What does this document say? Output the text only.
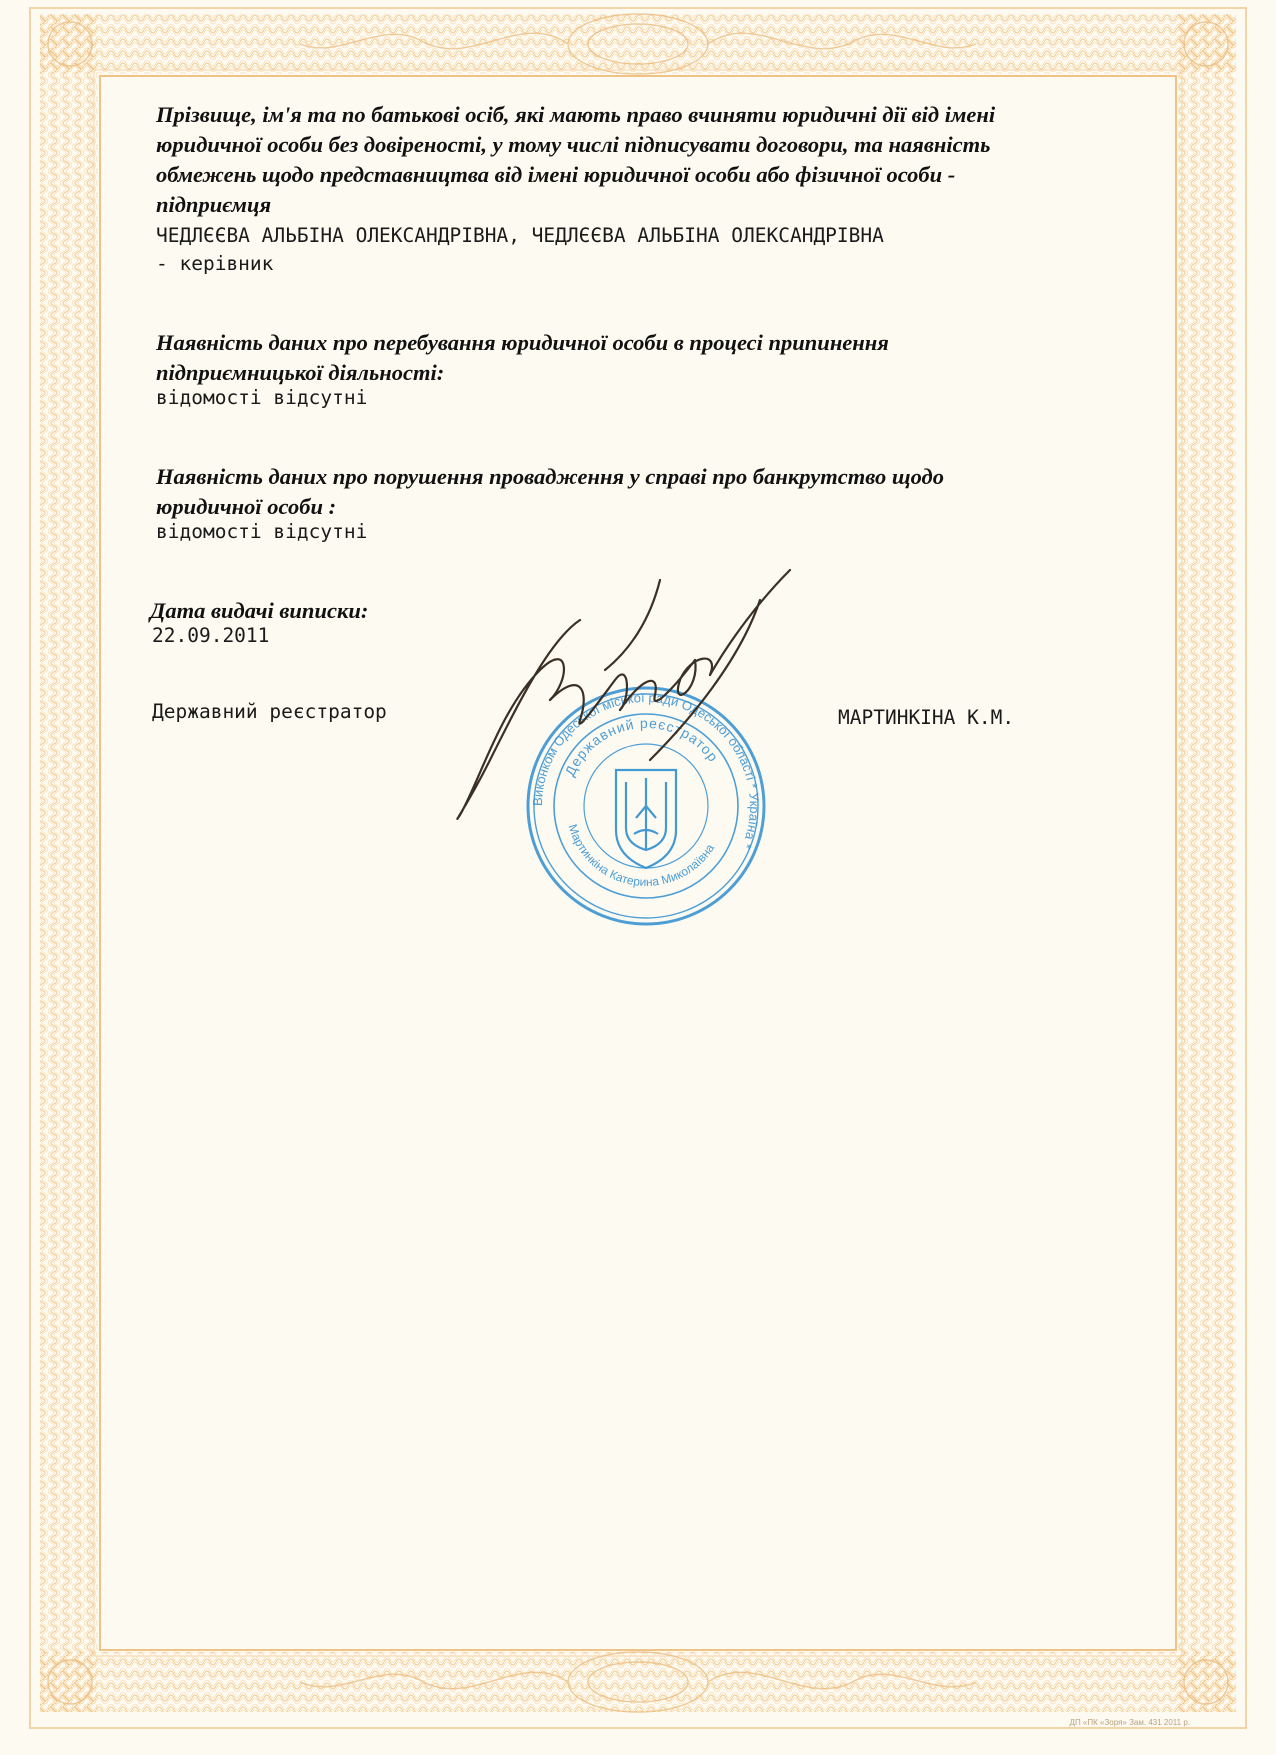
Прізвище, ім'я та по батькові осіб, які мають право вчиняти юридичні дії від імені
юридичної особи без довіреності, у тому числі підписувати договори, та наявність
обмежень щодо представництва від імені юридичної особи або фізичної особи -
підприємця
ЧЕДЛЄЄВА АЛЬБІНА ОЛЕКСАНДРІВНА, ЧЕДЛЄЄВА АЛЬБІНА ОЛЕКСАНДРІВНА
- керівник
Наявність даних про перебування юридичної особи в процесі припинення
підприємницької діяльності:
відомості відсутні
Наявність даних про порушення провадження у справі про банкрутство щодо
юридичної особи :
відомості відсутні
Дата видачі виписки:
22.09.2011
Державний реєстратор	МАРТИНКІНА К.М.
Виконком Одеської міської ради Одеської області * Україна *
Державний реєстратор
Мартинкіна Катерина Миколаївна
ДП «ПК «Зоря» Зам. 431 2011 р.
